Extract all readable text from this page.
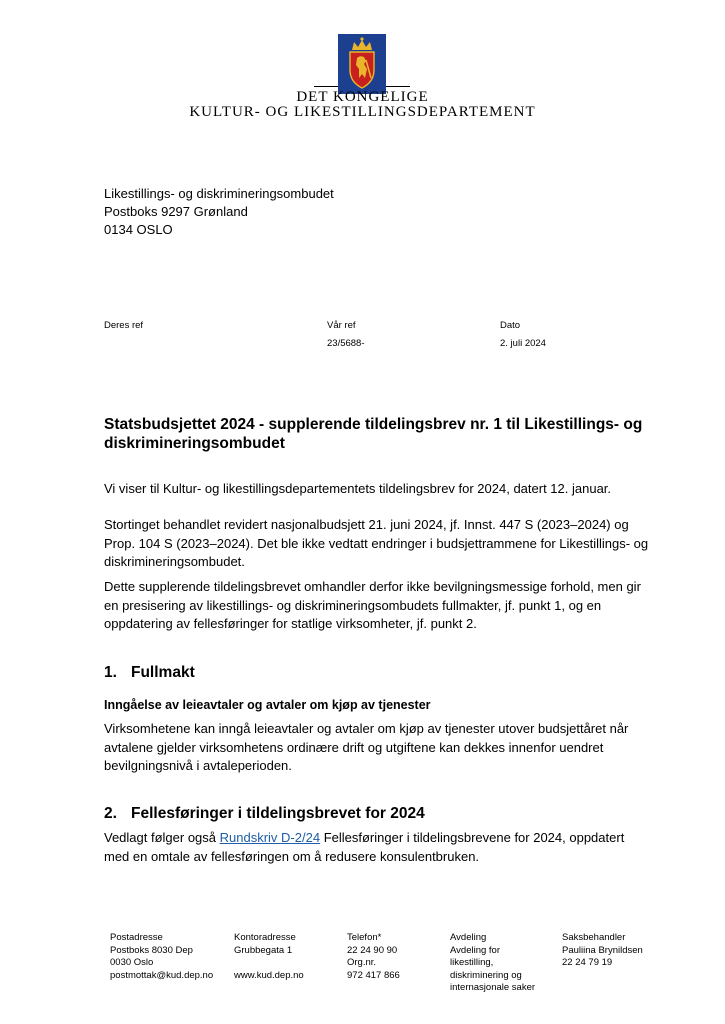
DET KONGELIGE
KULTUR- OG LIKESTILLINGSDEPARTEMENT
Likestillings- og diskrimineringsombudet
Postboks 9297 Grønland
0134 OSLO
Deres ref	Vår ref
23/5688-
Dato
2. juli 2024
Statsbudsjettet 2024 - supplerende tildelingsbrev nr. 1 til Likestillings- og diskrimineringsombudet
Vi viser til Kultur- og likestillingsdepartementets tildelingsbrev for 2024, datert 12. januar.
Stortinget behandlet revidert nasjonalbudsjett 21. juni 2024, jf. Innst. 447 S (2023–2024) og Prop. 104 S (2023–2024). Det ble ikke vedtatt endringer i budsjettrammene for Likestillings- og diskrimineringsombudet.
Dette supplerende tildelingsbrevet omhandler derfor ikke bevilgningsmessige forhold, men gir en presisering av likestillings- og diskrimineringsombudets fullmakter, jf. punkt 1, og en oppdatering av fellesføringer for statlige virksomheter, jf. punkt 2.
1. Fullmakt
Inngåelse av leieavtaler og avtaler om kjøp av tjenester
Virksomhetene kan inngå leieavtaler og avtaler om kjøp av tjenester utover budsjettåret når avtalene gjelder virksomhetens ordinære drift og utgiftene kan dekkes innenfor uendret bevilgningsnivå i avtaleperioden.
2. Fellesføringer i tildelingsbrevet for 2024
Vedlagt følger også Rundskriv D-2/24 Fellesføringer i tildelingsbrevene for 2024, oppdatert med en omtale av fellesføringen om å redusere konsulentbruken.
Postadresse
Postboks 8030 Dep
0030 Oslo
postmottak@kud.dep.no
Kontoradresse
Grubbegata 1

www.kud.dep.no
Telefon*
22 24 90 90
Org.nr.
972 417 866
Avdeling
Avdeling for
likestilling,
diskriminering og
internasjonale saker
Saksbehandler
Pauliina Brynildsen
22 24 79 19
